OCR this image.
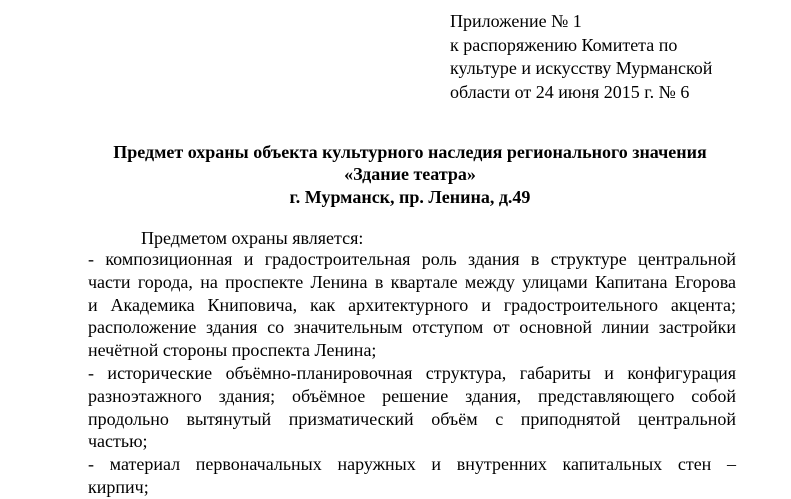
Приложение № 1
к распоряжению Комитета по
культуре и искусству Мурманской
области от 24 июня 2015 г. № 6
Предмет охраны объекта культурного наследия регионального значения
«Здание театра»
г. Мурманск, пр. Ленина, д.49
Предметом охраны является:
- композиционная и градостроительная роль здания в структуре центральной
части города, на проспекте Ленина в квартале между улицами Капитана Егорова
и Академика Книповича, как архитектурного и градостроительного акцента;
расположение здания со значительным отступом от основной линии застройки
нечётной стороны проспекта Ленина;
- исторические объёмно-планировочная структура, габариты и конфигурация
разноэтажного здания; объёмное решение здания, представляющего собой
продольно вытянутый призматический объём с приподнятой центральной
частью;
- материал первоначальных наружных и внутренних капитальных стен –
кирпич;
